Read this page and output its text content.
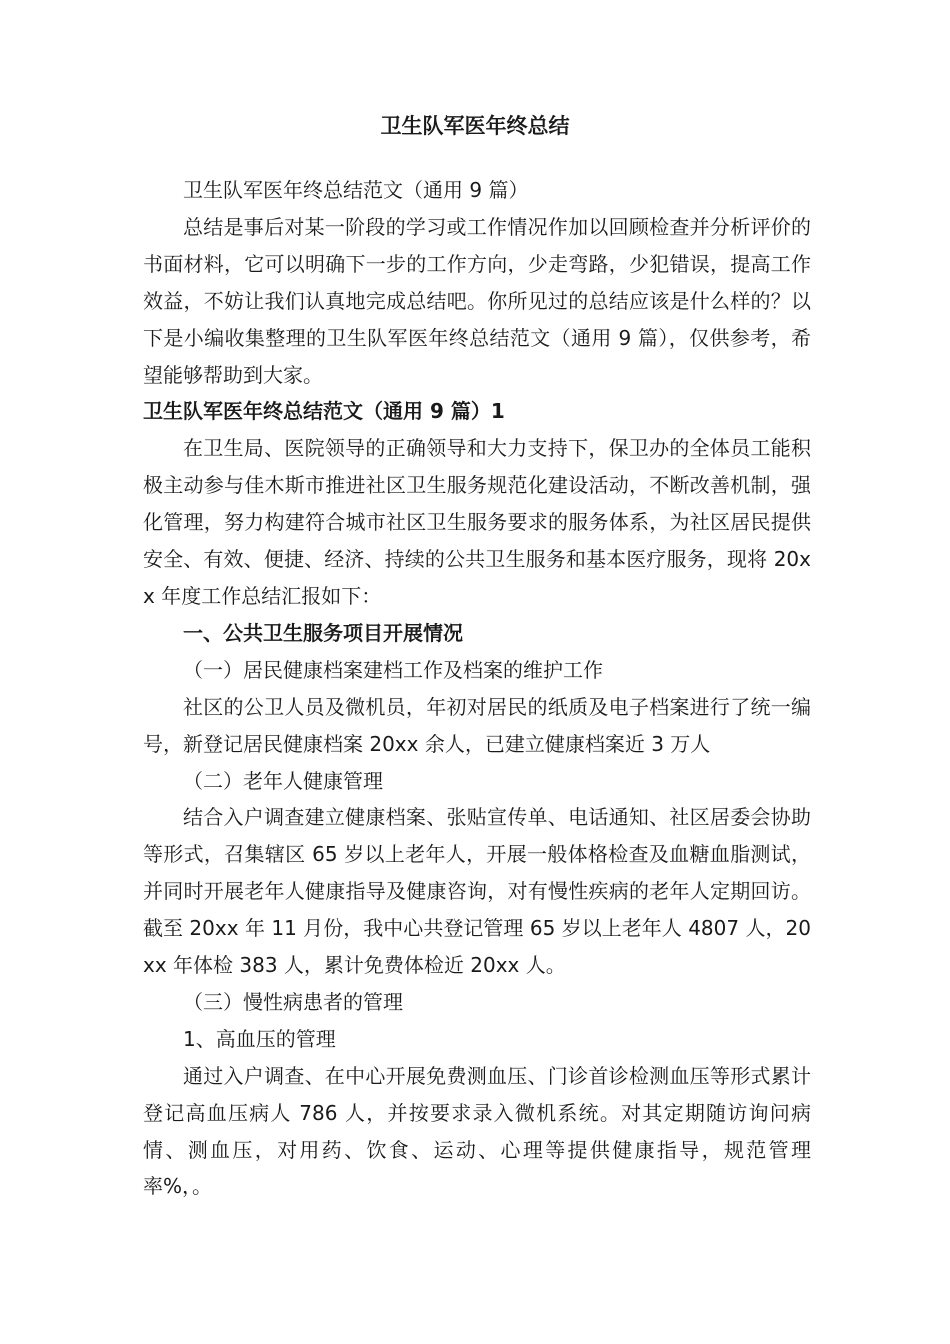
卫生队军医年终总结

卫生队军医年终总结范文（通用 9 篇）

总结是事后对某一阶段的学习或工作情况作加以回顾检查并分析评价的书面材料，它可以明确下一步的工作方向，少走弯路，少犯错误，提高工作效益，不妨让我们认真地完成总结吧。你所见过的总结应该是什么样的？以下是小编收集整理的卫生队军医年终总结范文（通用 9 篇），仅供参考，希望能够帮助到大家。

卫生队军医年终总结范文（通用 9 篇）1

在卫生局、医院领导的正确领导和大力支持下，保卫办的全体员工能积极主动参与佳木斯市推进社区卫生服务规范化建设活动，不断改善机制，强化管理，努力构建符合城市社区卫生服务要求的服务体系，为社区居民提供安全、有效、便捷、经济、持续的公共卫生服务和基本医疗服务，现将 20xx 年度工作总结汇报如下：

一、公共卫生服务项目开展情况

（一）居民健康档案建档工作及档案的维护工作

社区的公卫人员及微机员，年初对居民的纸质及电子档案进行了统一编号，新登记居民健康档案 20xx 余人，已建立健康档案近 3 万人

（二）老年人健康管理

结合入户调查建立健康档案、张贴宣传单、电话通知、社区居委会协助等形式，召集辖区 65 岁以上老年人，开展一般体格检查及血糖血脂测试，并同时开展老年人健康指导及健康咨询，对有慢性疾病的老年人定期回访。截至 20xx 年 11 月份，我中心共登记管理 65 岁以上老年人 4807 人，20xx 年体检 383 人，累计免费体检近 20xx 人。

（三）慢性病患者的管理

1、高血压的管理

通过入户调查、在中心开展免费测血压、门诊首诊检测血压等形式累计登记高血压病人 786 人，并按要求录入微机系统。对其定期随访询问病情、测血压，对用药、饮食、运动、心理等提供健康指导，规范管理率%，。
